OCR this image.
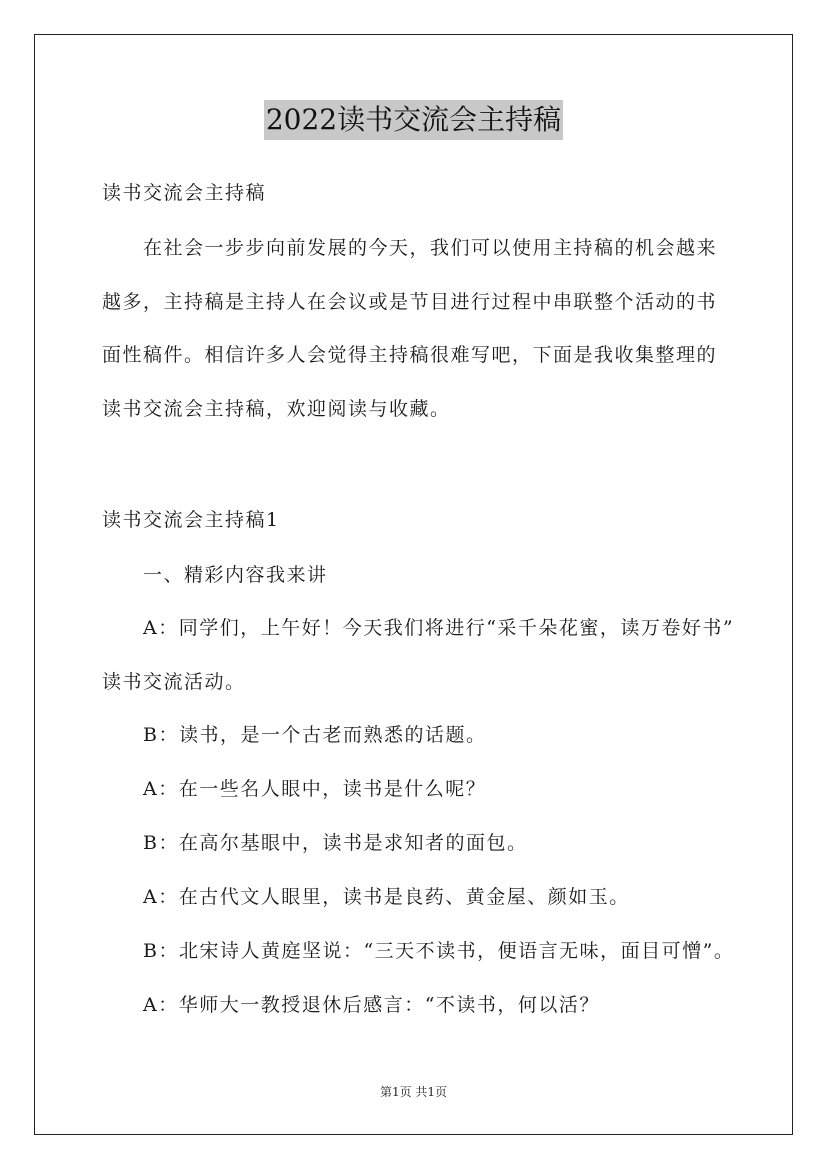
2022读书交流会主持稿
读书交流会主持稿
在社会一步步向前发展的今天，我们可以使用主持稿的机会越来
越多，主持稿是主持人在会议或是节目进行过程中串联整个活动的书
面性稿件。相信许多人会觉得主持稿很难写吧，下面是我收集整理的
读书交流会主持稿，欢迎阅读与收藏。
读书交流会主持稿1
一、精彩内容我来讲
A：同学们，上午好！今天我们将进行“采千朵花蜜，读万卷好书”
读书交流活动。
B：读书，是一个古老而熟悉的话题。
A：在一些名人眼中，读书是什么呢？
B：在高尔基眼中，读书是求知者的面包。
A：在古代文人眼里，读书是良药、黄金屋、颜如玉。
B：北宋诗人黄庭坚说：“三天不读书，便语言无味，面目可憎”。
A：华师大一教授退休后感言：“不读书，何以活？
第1页 共1页
